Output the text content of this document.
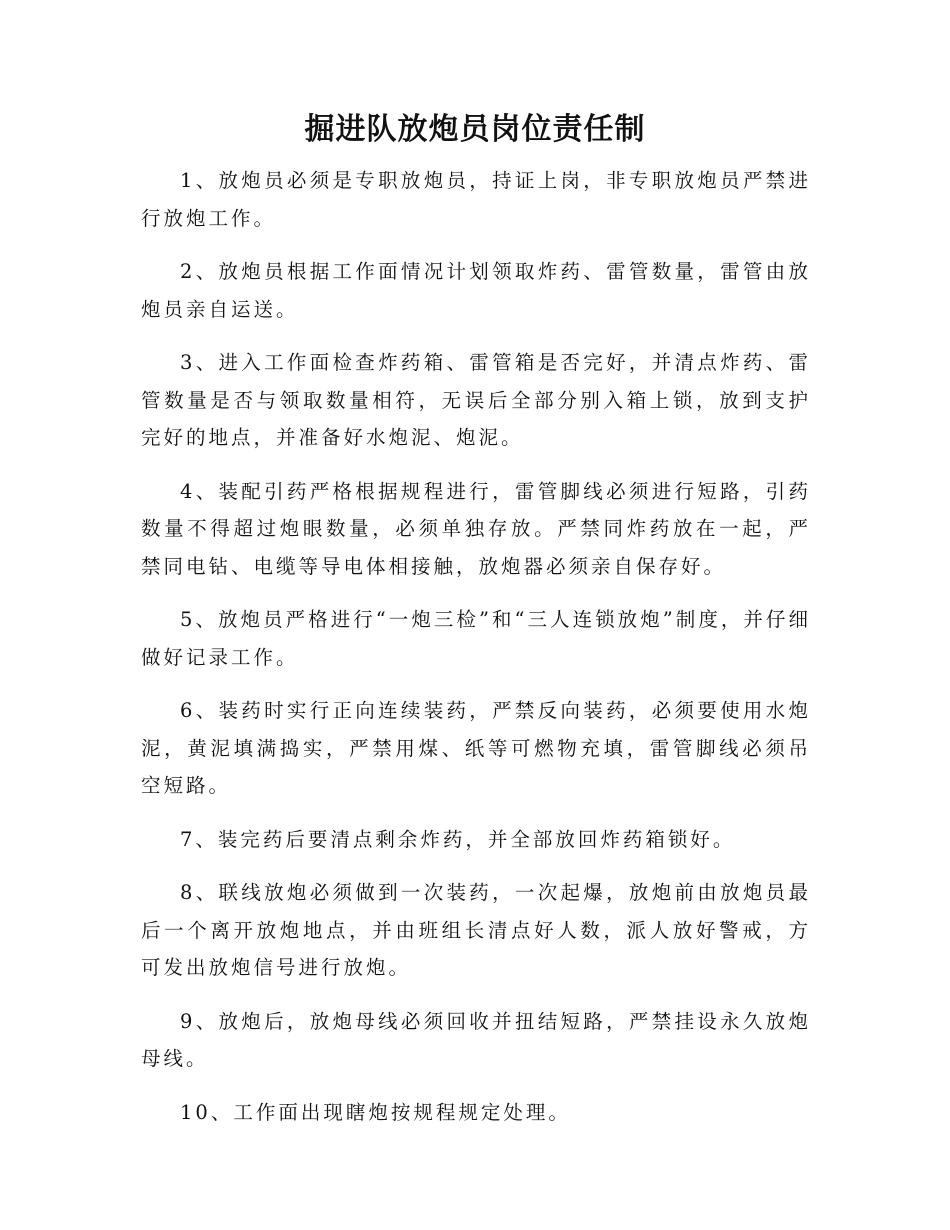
掘进队放炮员岗位责任制

1、放炮员必须是专职放炮员，持证上岗，非专职放炮员严禁进行放炮工作。

2、放炮员根据工作面情况计划领取炸药、雷管数量，雷管由放炮员亲自运送。

3、进入工作面检查炸药箱、雷管箱是否完好，并清点炸药、雷管数量是否与领取数量相符，无误后全部分别入箱上锁，放到支护完好的地点，并准备好水炮泥、炮泥。

4、装配引药严格根据规程进行，雷管脚线必须进行短路，引药数量不得超过炮眼数量，必须单独存放。严禁同炸药放在一起，严禁同电钻、电缆等导电体相接触，放炮器必须亲自保存好。

5、放炮员严格进行“一炮三检”和“三人连锁放炮”制度，并仔细做好记录工作。

6、装药时实行正向连续装药，严禁反向装药，必须要使用水炮泥，黄泥填满捣实，严禁用煤、纸等可燃物充填，雷管脚线必须吊空短路。

7、装完药后要清点剩余炸药，并全部放回炸药箱锁好。

8、联线放炮必须做到一次装药，一次起爆，放炮前由放炮员最后一个离开放炮地点，并由班组长清点好人数，派人放好警戒，方可发出放炮信号进行放炮。

9、放炮后，放炮母线必须回收并扭结短路，严禁挂设永久放炮母线。

10、工作面出现瞎炮按规程规定处理。
